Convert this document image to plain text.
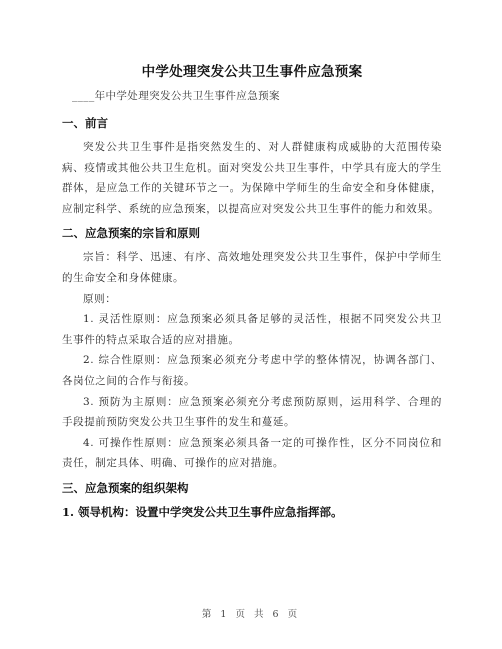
中学处理突发公共卫生事件应急预案
____年中学处理突发公共卫生事件应急预案
一、前言

突发公共卫生事件是指突然发生的、对人群健康构成威胁的大范围传染病、疫情或其他公共卫生危机。面对突发公共卫生事件，中学具有庞大的学生群体，是应急工作的关键环节之一。为保障中学师生的生命安全和身体健康，应制定科学、系统的应急预案，以提高应对突发公共卫生事件的能力和效果。

二、应急预案的宗旨和原则

宗旨：科学、迅速、有序、高效地处理突发公共卫生事件，保护中学师生的生命安全和身体健康。

原则：

1. 灵活性原则：应急预案必须具备足够的灵活性，根据不同突发公共卫生事件的特点采取合适的应对措施。

2. 综合性原则：应急预案必须充分考虑中学的整体情况，协调各部门、各岗位之间的合作与衔接。

3. 预防为主原则：应急预案必须充分考虑预防原则，运用科学、合理的手段提前预防突发公共卫生事件的发生和蔓延。

4. 可操作性原则：应急预案必须具备一定的可操作性，区分不同岗位和责任，制定具体、明确、可操作的应对措施。

三、应急预案的组织架构
1. 领导机构：设置中学突发公共卫生事件应急指挥部。
第 1 页 共 6 页
